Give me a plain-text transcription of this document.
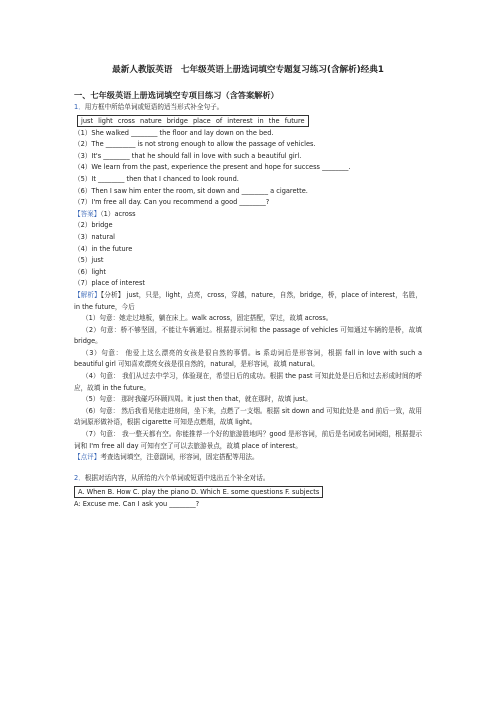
最新人教版英语　七年级英语上册选词填空专题复习练习(含解析)经典1
一、七年级英语上册选词填空专项目练习（含答案解析）
1．用方框中所给单词或短语的适当形式补全句子。
just light cross nature bridge place of interest in the future
（1）She walked ________ the floor and lay down on the bed.
（2）The _________ is not strong enough to allow the passage of vehicles.
（3）It's ________ that he should fall in love with such a beautiful girl.
（4）We learn from the past, experience the present and hope for success ________.
（5）It ________ then that I chanced to look round.
（6）Then I saw him enter the room, sit down and ________ a cigarette.
（7）I'm free all day. Can you recommend a good ________?
【答案】（1）across
（2）bridge
（3）natural
（4）in the future
（5）just
（6）light
（7）place of interest
【解析】【分析】 just，只是，light，点亮，cross，穿越，nature，自然，bridge，桥，place of interest，名胜，in the future，今后
（1）句意：她走过地板，躺在床上。walk across，固定搭配，穿过，故填 across。
（2）句意：桥不够坚固，不能让车辆通过。根据提示词和 the passage of vehicles 可知通过车辆的是桥，故填 bridge。
（3）句意： 他爱上这么漂亮的女孩是很自然的事情。is 系动词后是形容词，根据 fall in love with such a beautiful girl 可知喜欢漂亮女孩是很自然的，natural，是形容词，故填 natural。
（4）句意： 我们从过去中学习，体验现在，希望日后的成功。根据 the past 可知此处是日后和过去形成时间的呼应，故填 in the future。
（5）句意： 那时我碰巧环顾四周。it just then that，就在那时，故填 just。
（6）句意： 然后我看见他走进房间，坐下来，点燃了一支烟。根据 sit down and 可知此处是 and 前后一致，故用动词原形做补语，根据 cigarette 可知是点燃烟，故填 light。
（7）句意： 我一整天都有空。你能推荐一个好的旅游胜地吗？good 是形容词，前后是名词或名词词组，根据提示词和 I'm free all day 可知有空了可以去旅游景点，故填 place of interest。
【点评】考查选词填空，注意副词，形容词，固定搭配等用法。
2．根据对话内容，从所给的六个单词或短语中选出五个补全对话。
A. When B. How C. play the piano D. Which E. some questions F. subjects
A: Excuse me. Can I ask you ________?
